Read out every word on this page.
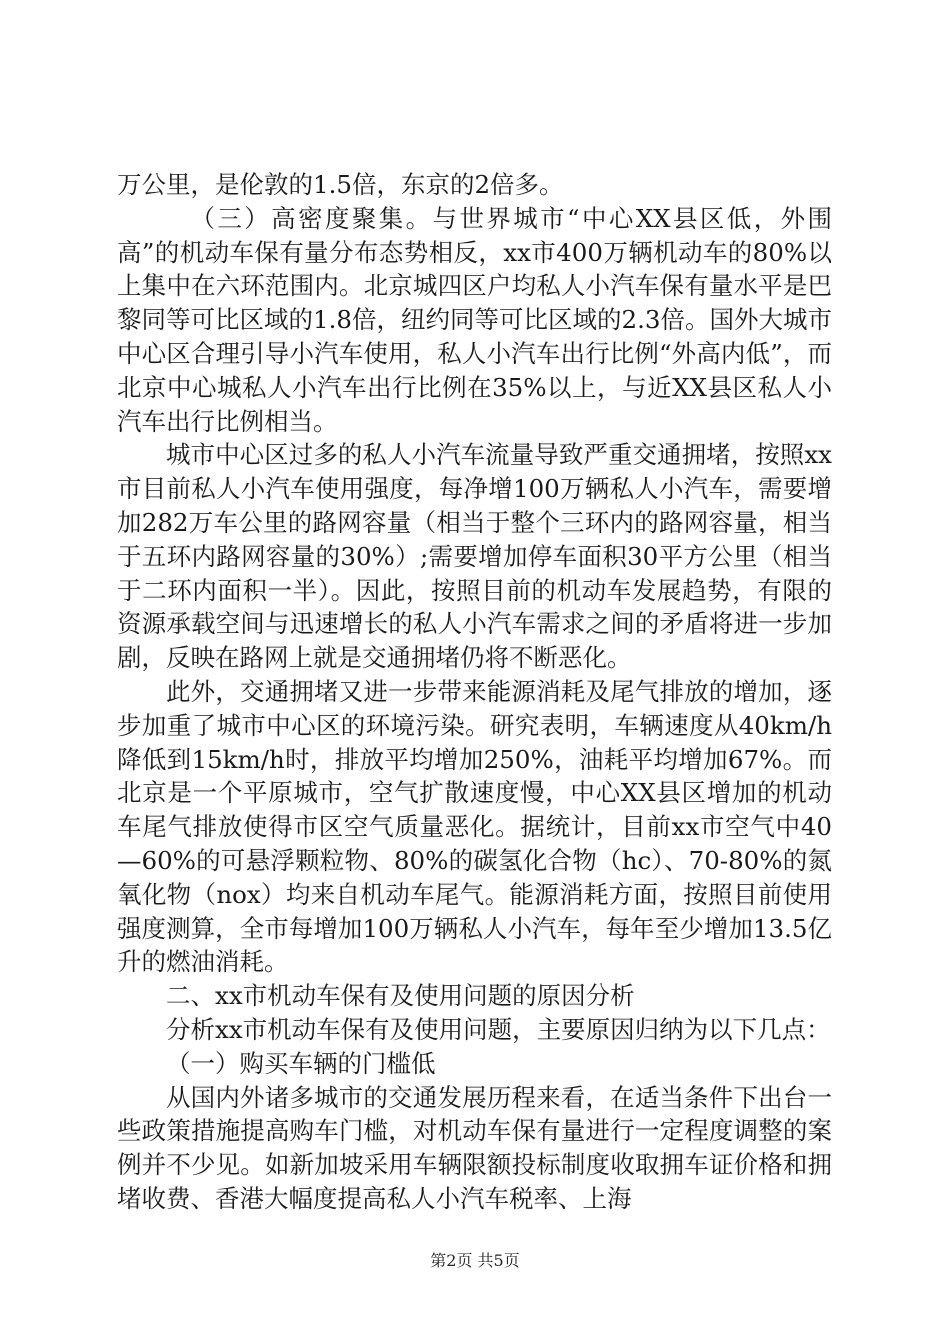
万公里，是伦敦的1.5倍，东京的2倍多。

（三）高密度聚集。与世界城市“中心XX县区低，外围高”的机动车保有量分布态势相反，xx市400万辆机动车的80%以上集中在六环范围内。北京城四区户均私人小汽车保有量水平是巴黎同等可比区域的1.8倍，纽约同等可比区域的2.3倍。国外大城市中心区合理引导小汽车使用，私人小汽车出行比例“外高内低”，而北京中心城私人小汽车出行比例在35%以上，与近XX县区私人小汽车出行比例相当。

城市中心区过多的私人小汽车流量导致严重交通拥堵，按照xx市目前私人小汽车使用强度，每净增100万辆私人小汽车，需要增加282万车公里的路网容量（相当于整个三环内的路网容量，相当于五环内路网容量的30%）;需要增加停车面积30平方公里（相当于二环内面积一半）。因此，按照目前的机动车发展趋势，有限的资源承载空间与迅速增长的私人小汽车需求之间的矛盾将进一步加剧，反映在路网上就是交通拥堵仍将不断恶化。

此外，交通拥堵又进一步带来能源消耗及尾气排放的增加，逐步加重了城市中心区的环境污染。研究表明，车辆速度从40km/h降低到15km/h时，排放平均增加250%，油耗平均增加67%。而北京是一个平原城市，空气扩散速度慢，中心XX县区增加的机动车尾气排放使得市区空气质量恶化。据统计，目前xx市空气中40—60%的可悬浮颗粒物、80%的碳氢化合物（hc）、70-80%的氮氧化物（nox）均来自机动车尾气。能源消耗方面，按照目前使用强度测算，全市每增加100万辆私人小汽车，每年至少增加13.5亿升的燃油消耗。

二、xx市机动车保有及使用问题的原因分析

分析xx市机动车保有及使用问题，主要原因归纳为以下几点：

（一）购买车辆的门槛低

从国内外诸多城市的交通发展历程来看，在适当条件下出台一些政策措施提高购车门槛，对机动车保有量进行一定程度调整的案例并不少见。如新加坡采用车辆限额投标制度收取拥车证价格和拥堵收费、香港大幅度提高私人小汽车税率、上海

第2页 共5页
